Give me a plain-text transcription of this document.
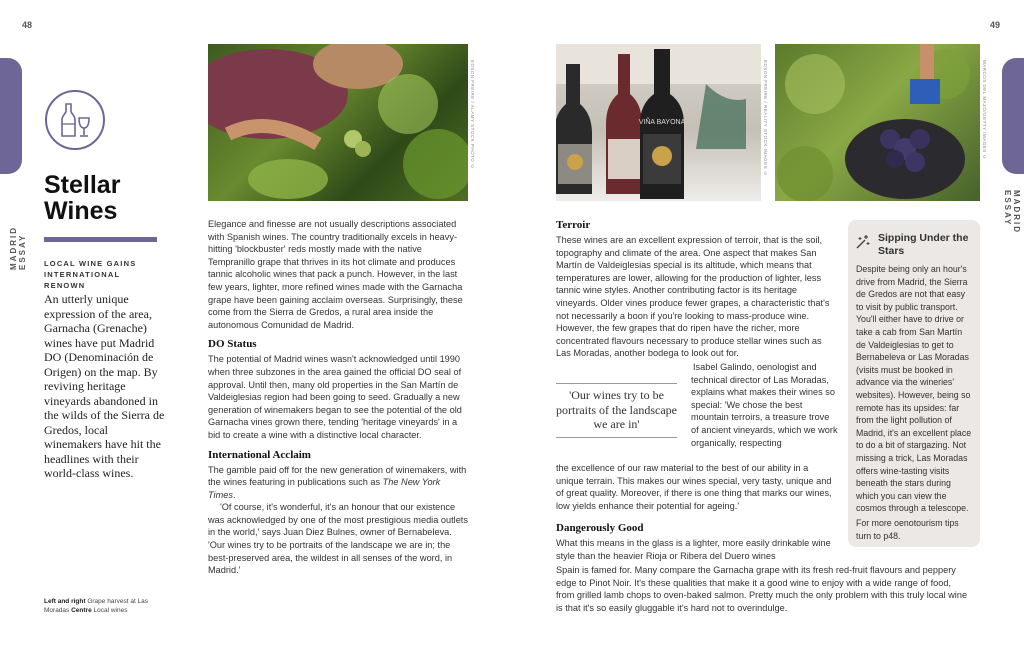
48	49
MADRID ESSAY
MADRID ESSAY
Stellar Wines
LOCAL WINE GAINS INTERNATIONAL RENOWN
An utterly unique expression of the area, Garnacha (Grenache) wines have put Madrid DO (Denominación de Origen) on the map. By reviving heritage vineyards abandoned in the wilds of the Sierra de Gredos, local winemakers have hit the headlines with their world-class wines.
Left and right Grape harvest at Las Moradas Centre Local wines
EDSON FREIRE / ALAMY STOCK PHOTO ©

Elegance and finesse are not usually descriptions associated with Spanish wines. The country traditionally excels in heavy-hitting 'blockbuster' reds mostly made with the native Tempranillo grape that thrives in its hot climate and produces tannic alcoholic wines that pack a punch. However, in the last few years, lighter, more refined wines made with the Garnacha grape have been gaining acclaim overseas. Surprisingly, these come from the Sierra de Gredos, a rural area inside the autonomous Comunidad de Madrid.

DO Status

The potential of Madrid wines wasn't acknowledged until 1990 when three subzones in the area gained the official DO seal of approval. Until then, many old properties in the San Martín de Valdeiglesias region had been going to seed. Gradually a new generation of winemakers began to see the potential of the old Garnacha vines grown there, tending 'heritage vineyards' in a bid to create a wine with a distinctive local character.

International Acclaim

The gamble paid off for the new generation of winemakers, with the wines featuring in publications such as The New York Times.

'Of course, it's wonderful, it's an honour that our existence was acknowledged by one of the most prestigious media outlets in the world,' says Juan Diez Bulnes, owner of Bernabeleva. 'Our wines try to be portraits of the landscape we are in; the best-preserved area, the wildest in all senses of the word, in Madrid.'

VIÑA BAYONA	EDSON FREIRE / REALITY STOCK IMAGES ©	MARCOS DEL MAZO/GETTY IMAGES ©
Terroir

These wines are an excellent expression of terroir, that is the soil, topography and climate of the area. One aspect that makes San Martín de Valdeiglesias special is its altitude, which means that temperatures are lower, allowing for the production of lighter, less tannic wine styles. Another contributing factor is its heritage vineyards. Older vines produce fewer grapes, a characteristic that's not necessarily a boon if you're looking to mass-produce wine. However, the few grapes that do ripen have the richer, more concentrated flavours necessary to produce stellar wines such as Las Moradas, another bodega to look out for.

'Our wines try to be portraits of the landscape we are in'
Isabel Galindo, oenologist and technical director of Las Moradas, explains what makes their wines so special: 'We chose the best mountain terroirs, a treasure trove of ancient vineyards, which we work organically, respecting
the excellence of our raw material to the best of our ability in a unique terrain. This makes our wines special, very tasty, unique and of great quality. Moreover, if there is one thing that marks our wines, low yields enhance their potential for ageing.'
Dangerously Good

What this means in the glass is a lighter, more easily drinkable wine style than the heavier Rioja or Ribera del Duero wines

Spain is famed for. Many compare the Garnacha grape with its fresh red-fruit flavours and peppery edge to Pinot Noir. It's these qualities that make it a good wine to enjoy with a wide range of food, from grilled lamb chops to oven-baked salmon. Pretty much the only problem with this truly local wine is that it's so easily gluggable it's hard not to overindulge.
Sipping Under the Stars
Despite being only an hour's drive from Madrid, the Sierra de Gredos are not that easy to visit by public transport. You'll either have to drive or take a cab from San Martín de Valdeiglesias to get to Bernabeleva or Las Moradas (visits must be booked in advance via the wineries' websites). However, being so remote has its upsides: far from the light pollution of Madrid, it's an excellent place to do a bit of stargazing. Not missing a trick, Las Moradas offers wine-tasting visits beneath the stars during which you can view the cosmos through a telescope.
For more oenotourism tips turn to p48.
